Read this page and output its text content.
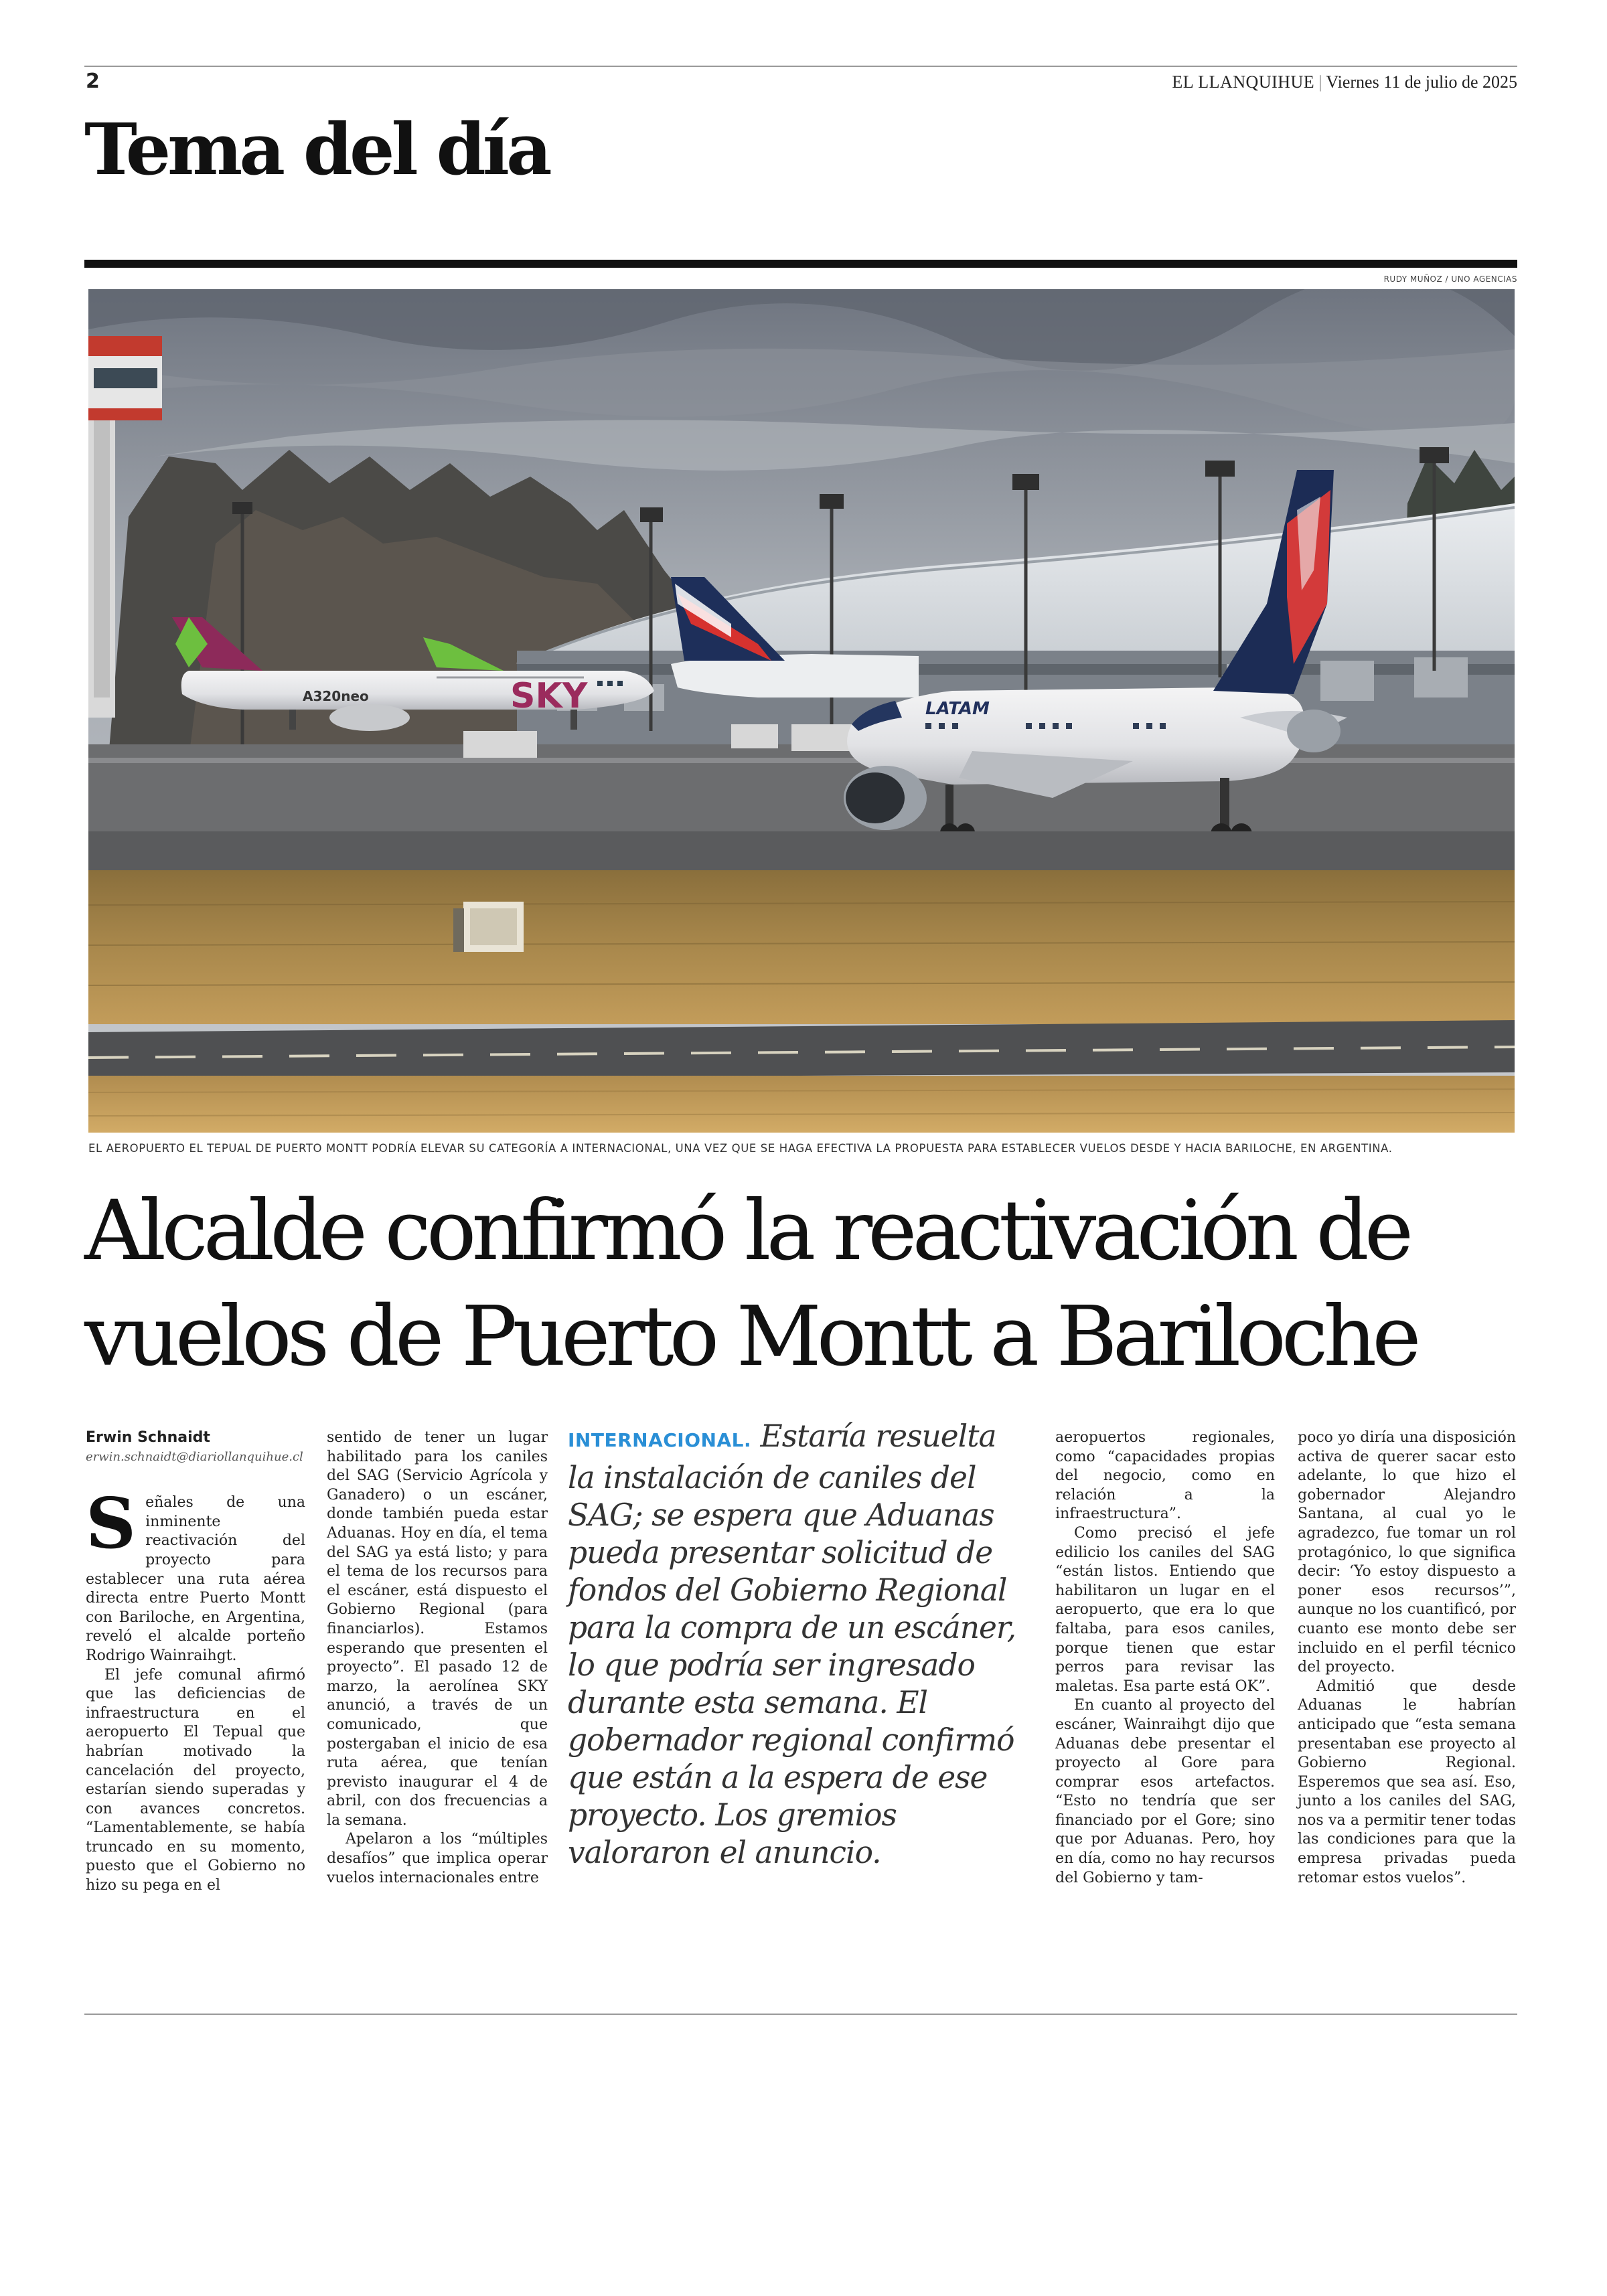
2	EL LLANQUIHUE | Viernes 11 de julio de 2025
Tema del día
RUDY MUÑOZ / UNO AGENCIAS
A320neo	SKY	LATAM
EL AEROPUERTO EL TEPUAL DE PUERTO MONTT PODRÍA ELEVAR SU CATEGORÍA A INTERNACIONAL, UNA VEZ QUE SE HAGA EFECTIVA LA PROPUESTA PARA ESTABLECER VUELOS DESDE Y HACIA BARILOCHE, EN ARGENTINA.
Alcalde confirmó la reactivación de vuelos de Puerto Montt a Bariloche

Erwin Schnaidt

erwin.schnaidt@diariollanquihue.cl

Señales de una inminente reactivación del proyecto para establecer una ruta aérea directa entre Puerto Montt con Bariloche, en Argentina, reveló el alcalde porteño Rodrigo Wainraihgt.

El jefe comunal afirmó que las deficiencias de infraestructura en el aeropuerto El Tepual que habrían motivado la cancelación del proyecto, estarían siendo superadas y con avances concretos. “Lamentablemente, se había truncado en su momento, puesto que el Gobierno no hizo su pega en el

sentido de tener un lugar habilitado para los caniles del SAG (Servicio Agrícola y Ganadero) o un escáner, donde también pueda estar Aduanas. Hoy en día, el tema del SAG ya está listo; y para el tema de los recursos para el escáner, está dispuesto el Gobierno Regional (para financiarlos). Estamos esperando que presenten el proyecto”. El pasado 12 de marzo, la aerolínea SKY anunció, a través de un comunicado, que postergaban el inicio de esa ruta aérea, que tenían previsto inaugurar el 4 de abril, con dos frecuencias a la semana.

Apelaron a los “múltiples desafíos” que implica operar vuelos internacionales entre

INTERNACIONAL. Estaría resuelta la instalación de caniles del SAG; se espera que Aduanas pueda presentar solicitud de fondos del Gobierno Regional para la compra de un escáner, lo que podría ser ingresado durante esta semana. El gobernador regional confirmó que están a la espera de ese proyecto. Los gremios valoraron el anuncio.

aeropuertos regionales, como “capacidades propias del negocio, como en relación a la infraestructura”.

Como precisó el jefe edilicio los caniles del SAG “están listos. Entiendo que habilitaron un lugar en el aeropuerto, que era lo que faltaba, para esos caniles, porque tienen que estar perros para revisar las maletas. Esa parte está OK”.

En cuanto al proyecto del escáner, Wainraihgt dijo que Aduanas debe presentar el proyecto al Gore para comprar esos artefactos. “Esto no tendría que ser financiado por el Gore; sino que por Aduanas. Pero, hoy en día, como no hay recursos del Gobierno y tam-

poco yo diría una disposición activa de querer sacar esto adelante, lo que hizo el gobernador Alejandro Santana, al cual yo le agradezco, fue tomar un rol protagónico, lo que significa decir: ‘Yo estoy dispuesto a poner esos recursos’”, aunque no los cuantificó, por cuanto ese monto debe ser incluido en el perfil técnico del proyecto.

Admitió que desde Aduanas le habrían anticipado que “esta semana presentaban ese proyecto al Gobierno Regional. Esperemos que sea así. Eso, junto a los caniles del SAG, nos va a permitir tener todas las condiciones para que la empresa privadas pueda retomar estos vuelos”.
